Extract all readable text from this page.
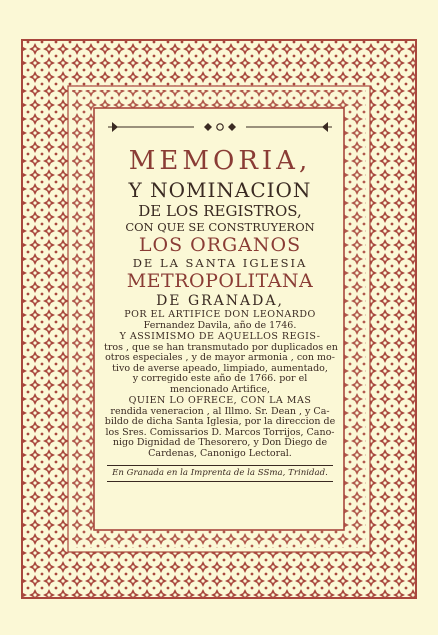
MEMORIA,
Y NOMINACION
DE LOS REGISTROS,
CON QUE SE CONSTRUYERON
LOS ORGANOS
DE LA SANTA IGLESIA
METROPOLITANA
DE GRANADA,
POR EL ARTIFICE DON LEONARDO
Fernandez Davila, año de 1746.
Y ASSIMISMO DE AQUELLOS REGIS-
tros , que se han transmutado por duplicados en
otros especiales , y de mayor armonia , con mo-
tivo de averse apeado, limpiado, aumentado,
y corregido este año de 1766. por el
mencionado Artifice,
QUIEN LO OFRECE, CON LA MAS
rendida veneracion , al Illmo. Sr. Dean , y Ca-
bildo de dicha Santa Iglesia, por la direccion de
los Sres. Comissarios D. Marcos Torrijos, Cano-
nigo Dignidad de Thesorero, y Don Diego de
Cardenas, Canonigo Lectoral.
En Granada en la Imprenta de la SSma, Trinidad.
